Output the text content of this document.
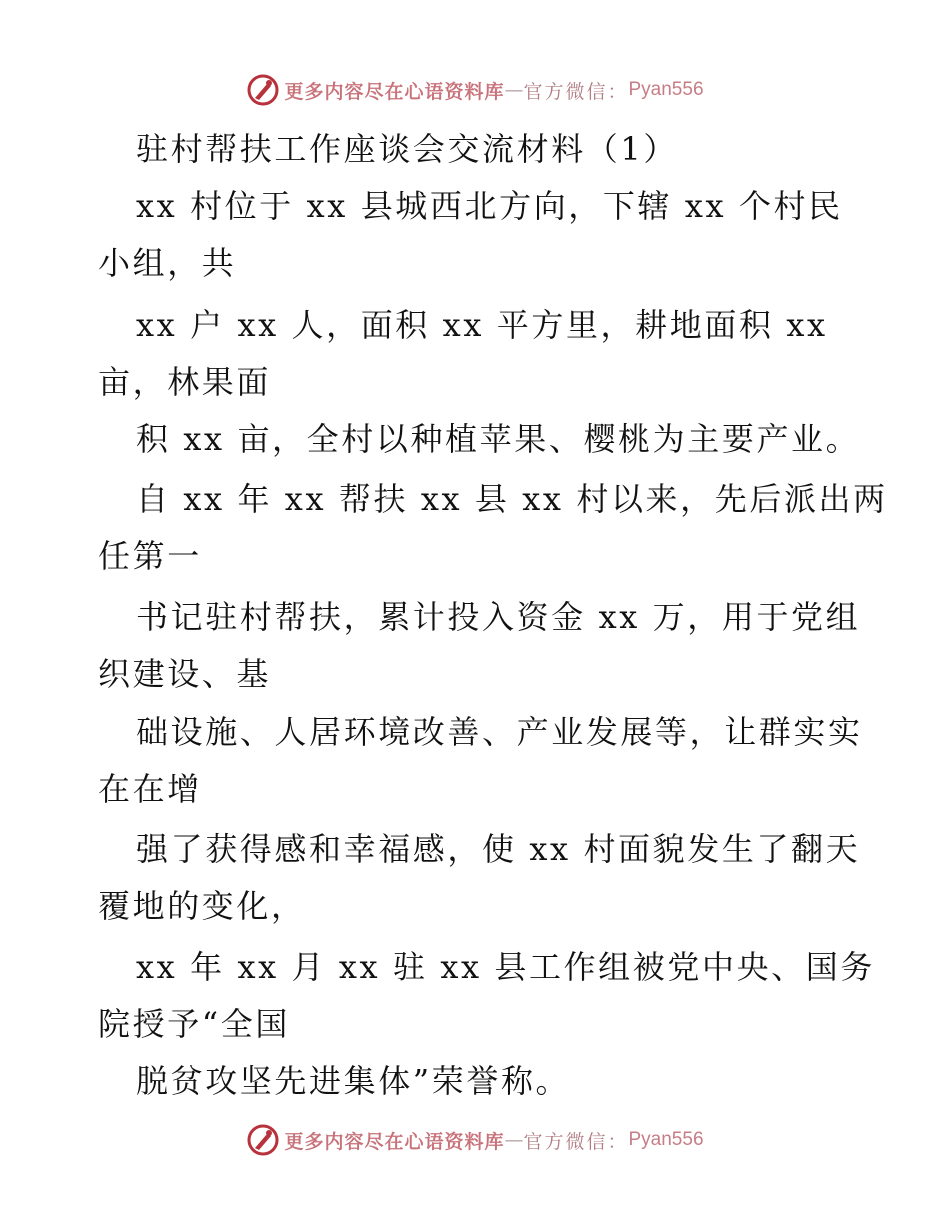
更多内容尽在心语资料库 — 官方微信： Pyan556
驻村帮扶工作座谈会交流材料（1）
xx 村位于 xx 县城西北方向，下辖 xx 个村民
小组，共
xx 户 xx 人，面积 xx 平方里，耕地面积 xx
亩，林果面
积 xx 亩，全村以种植苹果、樱桃为主要产业。
自 xx 年 xx 帮扶 xx 县 xx 村以来，先后派出两
任第一
书记驻村帮扶，累计投入资金 xx 万，用于党组
织建设、基
础设施、人居环境改善、产业发展等，让群实实
在在增
强了获得感和幸福感，使 xx 村面貌发生了翻天
覆地的变化，
xx 年 xx 月 xx 驻 xx 县工作组被党中央、国务
院授予“全国
脱贫攻坚先进集体”荣誉称。
更多内容尽在心语资料库 — 官方微信： Pyan556
